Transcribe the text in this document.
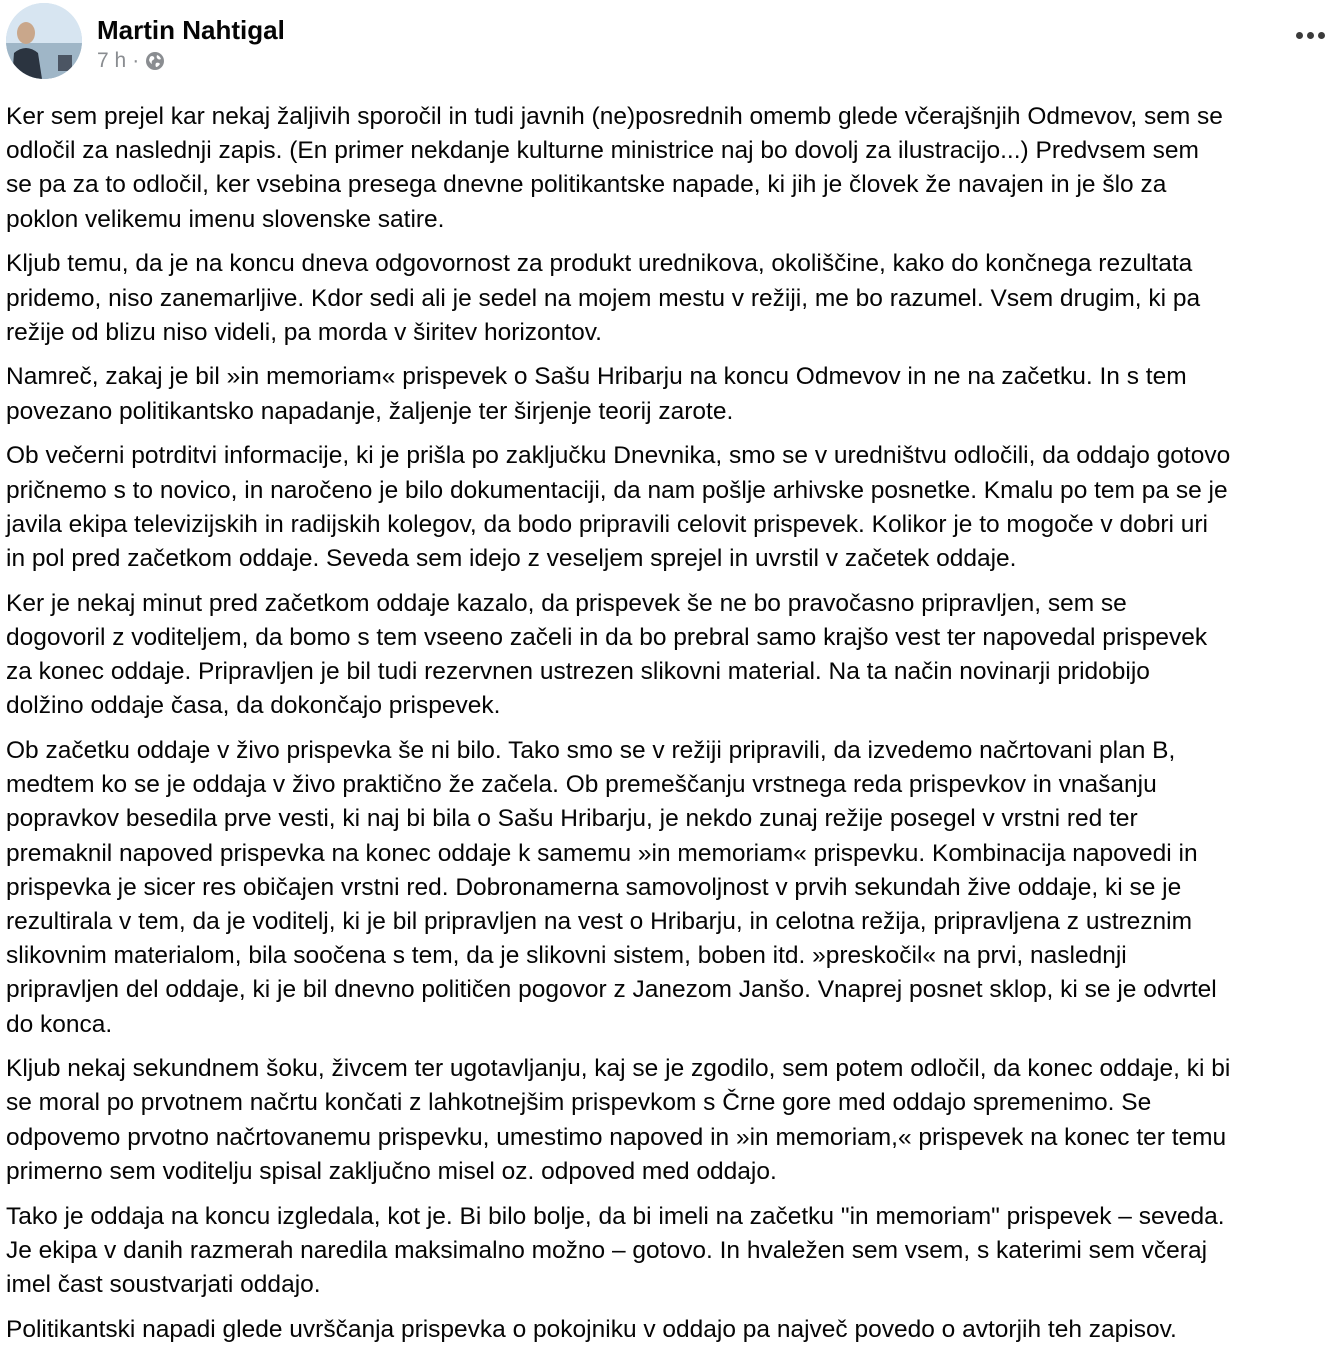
Martin Nahtigal
7 h ·

Ker sem prejel kar nekaj žaljivih sporočil in tudi javnih (ne)posrednih omemb glede včerajšnjih Odmevov, sem se
odločil za naslednji zapis. (En primer nekdanje kulturne ministrice naj bo dovolj za ilustracijo...) Predvsem sem
se pa za to odločil, ker vsebina presega dnevne politikantske napade, ki jih je človek že navajen in je šlo za
poklon velikemu imenu slovenske satire.

Kljub temu, da je na koncu dneva odgovornost za produkt urednikova, okoliščine, kako do končnega rezultata
pridemo, niso zanemarljive. Kdor sedi ali je sedel na mojem mestu v režiji, me bo razumel. Vsem drugim, ki pa
režije od blizu niso videli, pa morda v širitev horizontov.

Namreč, zakaj je bil »in memoriam« prispevek o Sašu Hribarju na koncu Odmevov in ne na začetku. In s tem
povezano politikantsko napadanje, žaljenje ter širjenje teorij zarote.

Ob večerni potrditvi informacije, ki je prišla po zaključku Dnevnika, smo se v uredništvu odločili, da oddajo gotovo
pričnemo s to novico, in naročeno je bilo dokumentaciji, da nam pošlje arhivske posnetke. Kmalu po tem pa se je
javila ekipa televizijskih in radijskih kolegov, da bodo pripravili celovit prispevek. Kolikor je to mogoče v dobri uri
in pol pred začetkom oddaje. Seveda sem idejo z veseljem sprejel in uvrstil v začetek oddaje.

Ker je nekaj minut pred začetkom oddaje kazalo, da prispevek še ne bo pravočasno pripravljen, sem se
dogovoril z voditeljem, da bomo s tem vseeno začeli in da bo prebral samo krajšo vest ter napovedal prispevek
za konec oddaje. Pripravljen je bil tudi rezervnen ustrezen slikovni material. Na ta način novinarji pridobijo
dolžino oddaje časa, da dokončajo prispevek.

Ob začetku oddaje v živo prispevka še ni bilo. Tako smo se v režiji pripravili, da izvedemo načrtovani plan B,
medtem ko se je oddaja v živo praktično že začela. Ob premeščanju vrstnega reda prispevkov in vnašanju
popravkov besedila prve vesti, ki naj bi bila o Sašu Hribarju, je nekdo zunaj režije posegel v vrstni red ter
premaknil napoved prispevka na konec oddaje k samemu »in memoriam« prispevku. Kombinacija napovedi in
prispevka je sicer res običajen vrstni red. Dobronamerna samovoljnost v prvih sekundah žive oddaje, ki se je
rezultirala v tem, da je voditelj, ki je bil pripravljen na vest o Hribarju, in celotna režija, pripravljena z ustreznim
slikovnim materialom, bila soočena s tem, da je slikovni sistem, boben itd. »preskočil« na prvi, naslednji
pripravljen del oddaje, ki je bil dnevno političen pogovor z Janezom Janšo. Vnaprej posnet sklop, ki se je odvrtel
do konca.

Kljub nekaj sekundnem šoku, živcem ter ugotavljanju, kaj se je zgodilo, sem potem odločil, da konec oddaje, ki bi
se moral po prvotnem načrtu končati z lahkotnejšim prispevkom s Črne gore med oddajo spremenimo. Se
odpovemo prvotno načrtovanemu prispevku, umestimo napoved in »in memoriam,« prispevek na konec ter temu
primerno sem voditelju spisal zaključno misel oz. odpoved med oddajo.

Tako je oddaja na koncu izgledala, kot je. Bi bilo bolje, da bi imeli na začetku "in memoriam" prispevek – seveda.
Je ekipa v danih razmerah naredila maksimalno možno – gotovo. In hvaležen sem vsem, s katerimi sem včeraj
imel čast soustvarjati oddajo.

Politikantski napadi glede uvrščanja prispevka o pokojniku v oddajo pa največ povedo o avtorjih teh zapisov.
